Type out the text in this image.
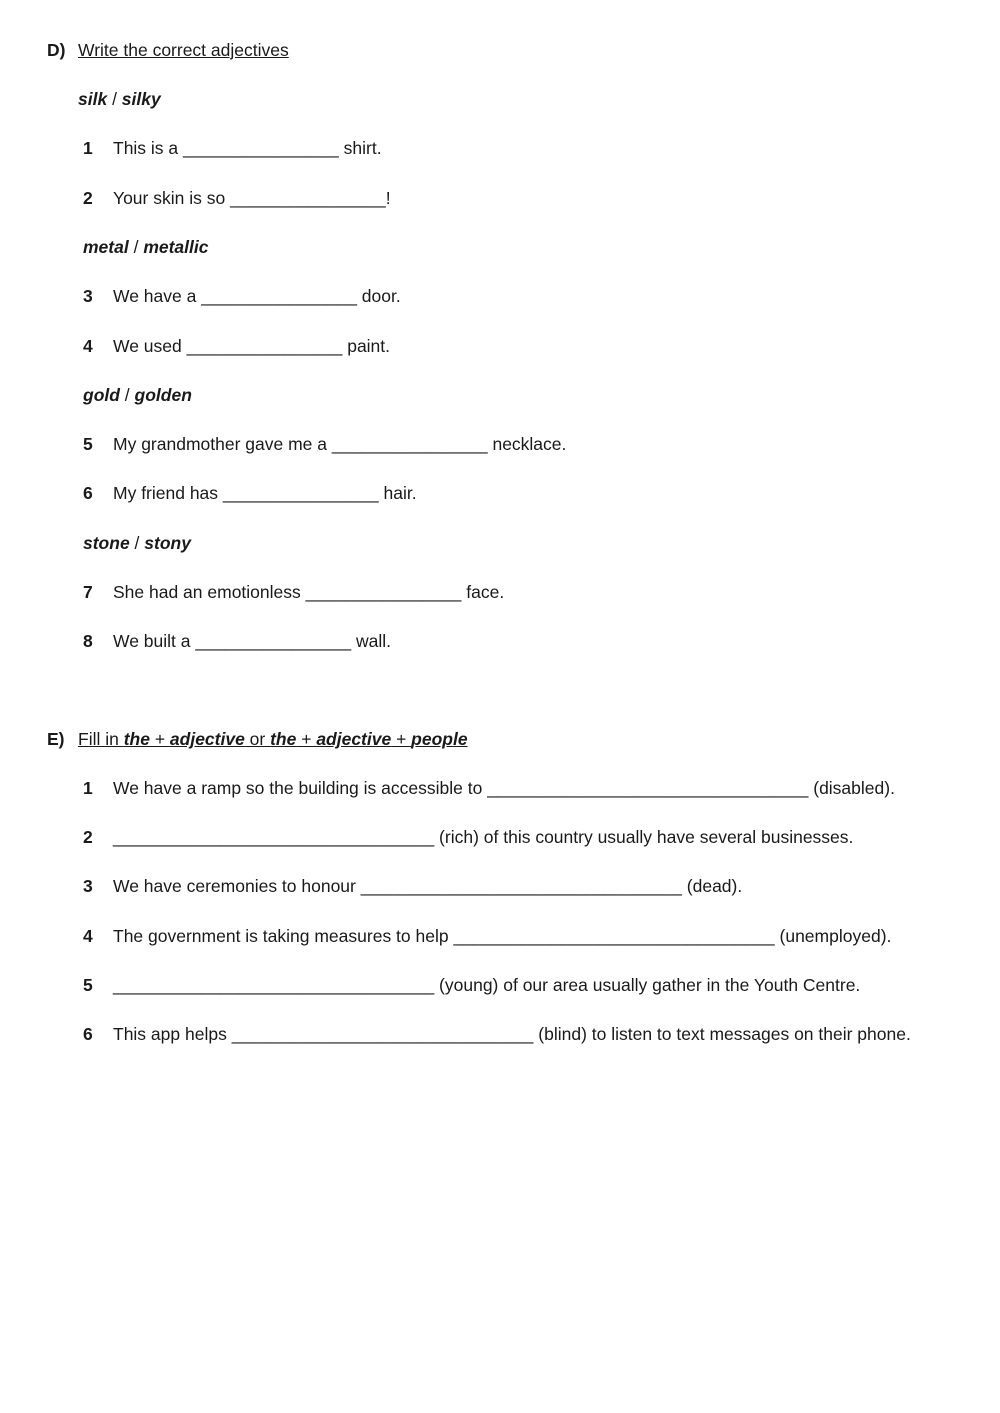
D) Write the correct adjectives
silk / silky
1 This is a ________________ shirt.
2 Your skin is so ________________!
metal / metallic
3 We have a ________________ door.
4 We used ________________ paint.
gold / golden
5 My grandmother gave me a ________________ necklace.
6 My friend has ________________ hair.
stone / stony
7 She had an emotionless ________________ face.
8 We built a ________________ wall.
E) Fill in the + adjective or the + adjective + people
1 We have a ramp so the building is accessible to _________________________________ (disabled).
2 _________________________________ (rich) of this country usually have several businesses.
3 We have ceremonies to honour _________________________________ (dead).
4 The government is taking measures to help _________________________________ (unemployed).
5 _________________________________ (young) of our area usually gather in the Youth Centre.
6 This app helps _______________________________ (blind) to listen to text messages on their phone.
